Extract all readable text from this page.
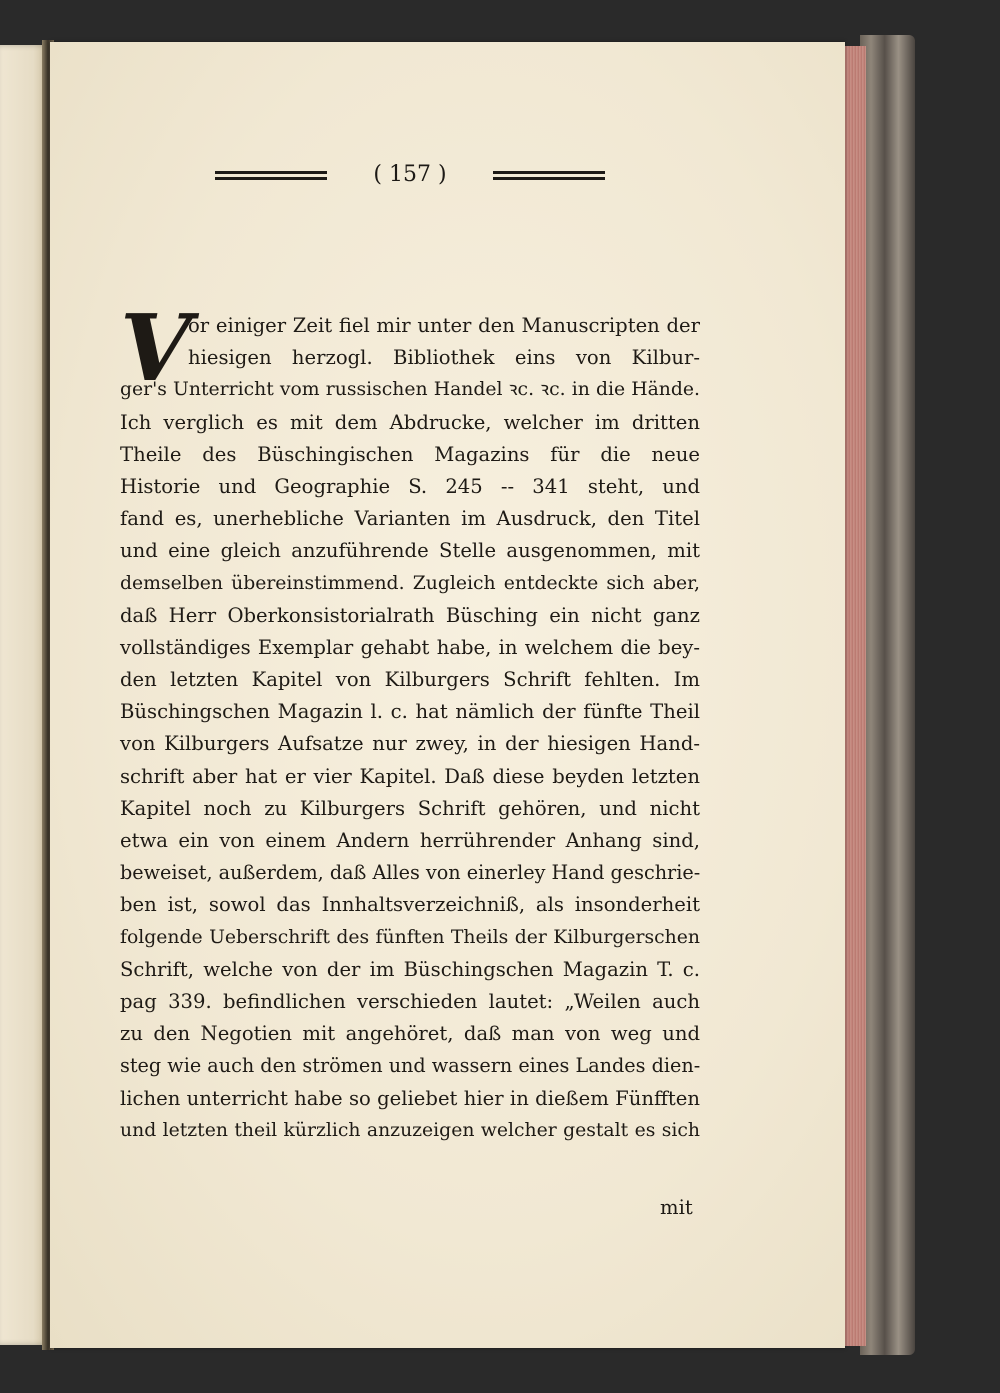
( 157 )
V
or einiger Zeit fiel mir unter den Manuscripten der
hiesigen herzogl. Bibliothek eins von Kilbur-
ger's Unterricht vom russischen Handel ꝛc. ꝛc. in die Hände.
Ich verglich es mit dem Abdrucke, welcher im dritten
Theile des Büschingischen Magazins für die neue
Historie und Geographie S. 245 -- 341 steht, und
fand es, unerhebliche Varianten im Ausdruck, den Titel
und eine gleich anzuführende Stelle ausgenommen, mit
demselben übereinstimmend. Zugleich entdeckte sich aber,
daß Herr Oberkonsistorialrath Büsching ein nicht ganz
vollständiges Exemplar gehabt habe, in welchem die bey-
den letzten Kapitel von Kilburgers Schrift fehlten. Im
Büschingschen Magazin l. c. hat nämlich der fünfte Theil
von Kilburgers Aufsatze nur zwey, in der hiesigen Hand-
schrift aber hat er vier Kapitel. Daß diese beyden letzten
Kapitel noch zu Kilburgers Schrift gehören, und nicht
etwa ein von einem Andern herrührender Anhang sind,
beweiset, außerdem, daß Alles von einerley Hand geschrie-
ben ist, sowol das Innhaltsverzeichniß, als insonderheit
folgende Ueberschrift des fünften Theils der Kilburgerschen
Schrift, welche von der im Büschingschen Magazin T. c.
pag 339. befindlichen verschieden lautet: „Weilen auch
zu den Negotien mit angehöret, daß man von weg und
steg wie auch den strömen und wassern eines Landes dien-
lichen unterricht habe so geliebet hier in dießem Fünfften
und letzten theil kürzlich anzuzeigen welcher gestalt es sich
mit
